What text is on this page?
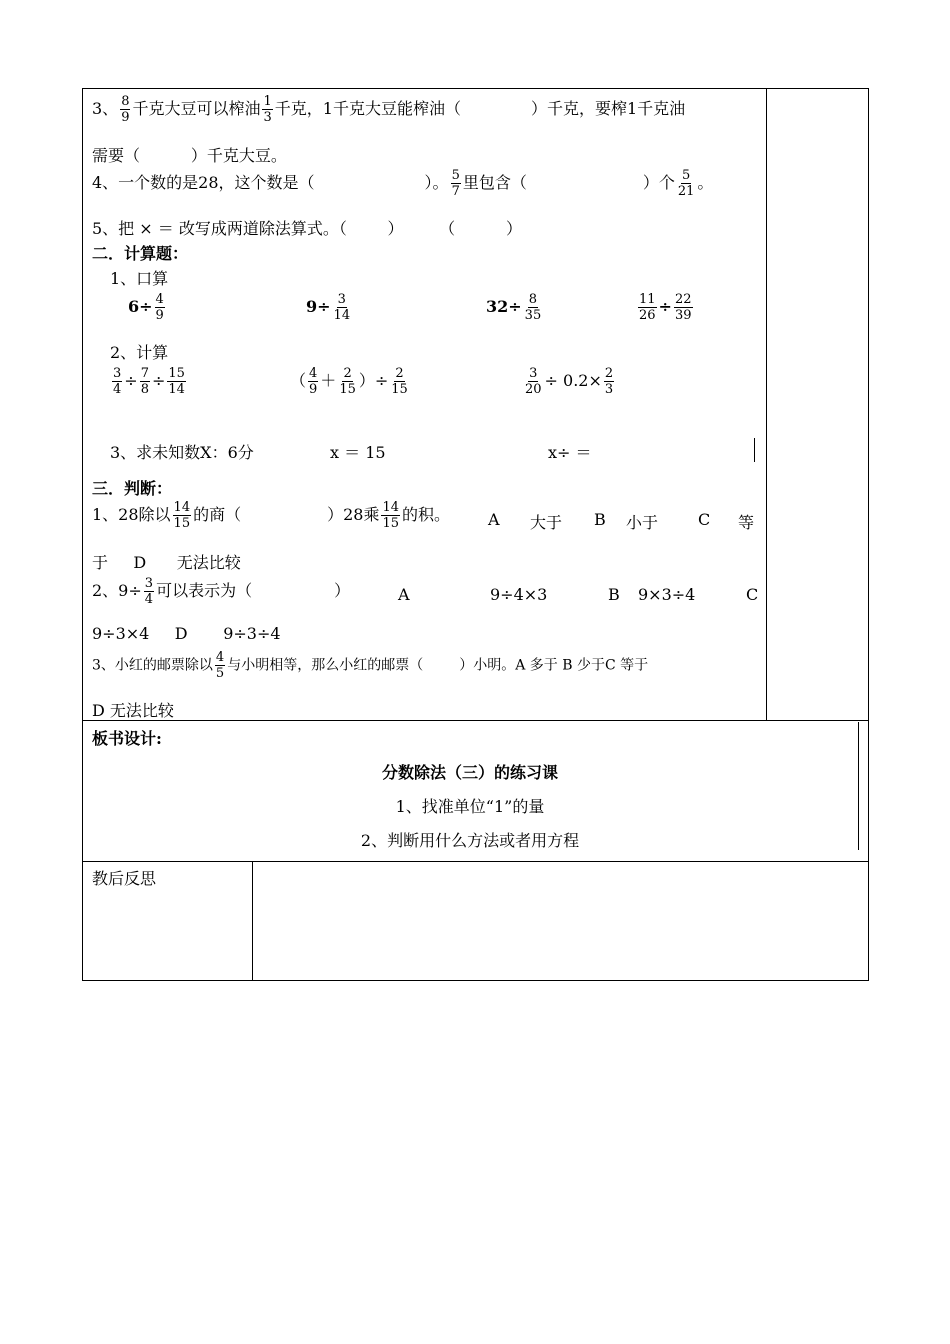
3、 $\frac{8}{9}$ 千克大豆可以榨油 $\frac{1}{3}$ 千克，1千克大豆能榨油（	）千克，要榨1千克油
需要（          ）千克大豆。
4、一个数的是28，这个数是（	）。 $\frac{5}{7}$ 里包含（	）个 $\frac{5}{21}$ 。
5、把 × ＝ 改写成两道除法算式。（        ）       （          ）
二．计算题：
1、口算
$6\div \frac{4}{9}$	$9\div \frac{3}{14}$	$32\div \frac{8}{35}$	$\frac{11}{26} \div \frac{22}{39}$
2、计算
$\frac{3}{4} \div \frac{7}{8} \div \frac{15}{14}$	（ $\frac{4}{9} + \frac{2}{15}$ ）÷ $\frac{2}{15}$	$\frac{3}{20} \div 0.2\times \frac{2}{3}$
3、求未知数X：6分	x ＝ 15	x÷ ＝
三．判断：
1、28除以 $\frac{14}{15}$ 的商（	）28乘 $\frac{14}{15}$ 的积。	A 大于 B 小于 C 等
于     D      无法比较
2、$9\div \frac{3}{4}$ 可以表示为（	）	A	9÷4×3	B 9×3÷4	C
9÷3×4     D       9÷3÷4
3、小红的邮票除以 $\frac{4}{5}$ 与小明相等，那么小红的邮票（	）小明。A 多于 B 少于C 等于
D 无法比较
板书设计:
分数除法（三）的练习课
1、找准单位“1”的量
2、判断用什么方法或者用方程
教后反思
